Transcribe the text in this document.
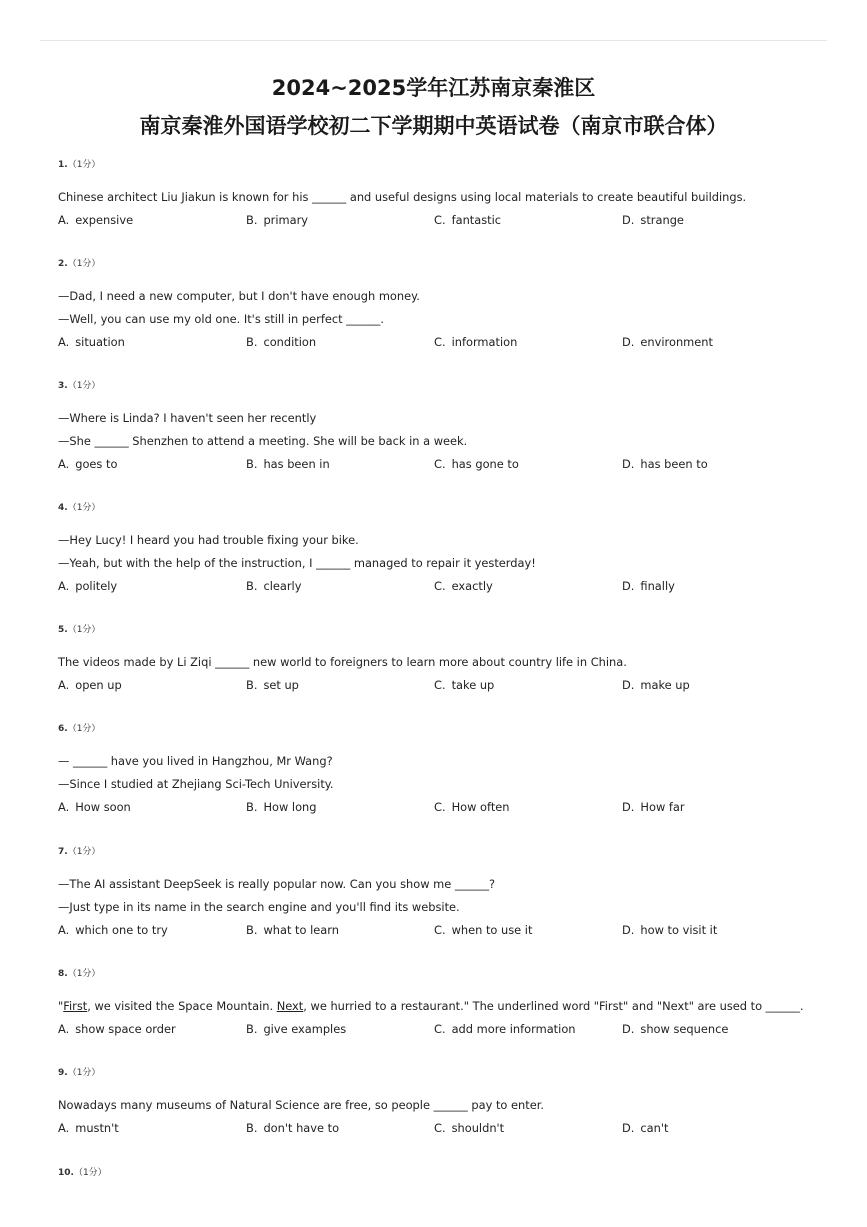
2024~2025学年江苏南京秦淮区
南京秦淮外国语学校初二下学期期中英语试卷（南京市联合体）
1.（1分）
Chinese architect Liu Jiakun is known for his ______ and useful designs using local materials to create beautiful buildings.
A. expensive	B. primary	C. fantastic	D. strange
2.（1分）
—Dad, I need a new computer, but I don't have enough money.
—Well, you can use my old one. It's still in perfect ______.
A. situation	B. condition	C. information	D. environment
3.（1分）
—Where is Linda? I haven't seen her recently
—She ______ Shenzhen to attend a meeting. She will be back in a week.
A. goes to	B. has been in	C. has gone to	D. has been to
4.（1分）
—Hey Lucy! I heard you had trouble fixing your bike.
—Yeah, but with the help of the instruction, I ______ managed to repair it yesterday!
A. politely	B. clearly	C. exactly	D. finally
5.（1分）
The videos made by Li Ziqi ______ new world to foreigners to learn more about country life in China.
A. open up	B. set up	C. take up	D. make up
6.（1分）
— ______ have you lived in Hangzhou, Mr Wang?
—Since I studied at Zhejiang Sci-Tech University.
A. How soon	B. How long	C. How often	D. How far
7.（1分）
—The AI assistant DeepSeek is really popular now. Can you show me ______?
—Just type in its name in the search engine and you'll find its website.
A. which one to try	B. what to learn	C. when to use it	D. how to visit it
8.（1分）
"First, we visited the Space Mountain. Next, we hurried to a restaurant." The underlined word "First" and "Next" are used to ______.
A. show space order	B. give examples	C. add more information	D. show sequence
9.（1分）
Nowadays many museums of Natural Science are free, so people ______ pay to enter.
A. mustn't	B. don't have to	C. shouldn't	D. can't
10.（1分）
